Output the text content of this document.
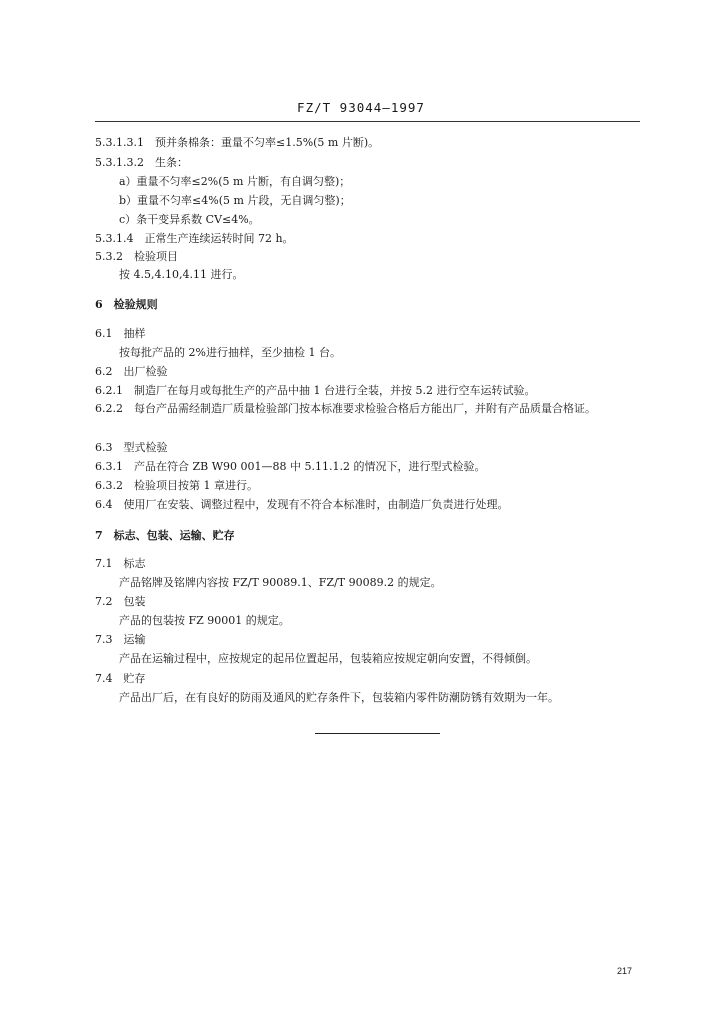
FZ/T 93044—1997
5.3.1.3.1　预并条棉条：重量不匀率≤1.5%(5 m 片断)。
5.3.1.3.2　生条：
a）重量不匀率≤2%(5 m 片断，有自调匀整)；
b）重量不匀率≤4%(5 m 片段，无自调匀整)；
c）条干变异系数 CV≤4%。
5.3.1.4　正常生产连续运转时间 72 h。
5.3.2　检验项目
按 4.5,4.10,4.11 进行。
6　检验规则
6.1　抽样
按每批产品的 2%进行抽样，至少抽检 1 台。
6.2　出厂检验
6.2.1　制造厂在每月或每批生产的产品中抽 1 台进行全装，并按 5.2 进行空车运转试验。
6.2.2　每台产品需经制造厂质量检验部门按本标准要求检验合格后方能出厂，并附有产品质量合格证。
6.3　型式检验
6.3.1　产品在符合 ZB W90 001—88 中 5.11.1.2 的情况下，进行型式检验。
6.3.2　检验项目按第 1 章进行。
6.4　使用厂在安装、调整过程中，发现有不符合本标准时，由制造厂负责进行处理。
7　标志、包装、运输、贮存
7.1　标志
产品铭牌及铭牌内容按 FZ/T 90089.1、FZ/T 90089.2 的规定。
7.2　包装
产品的包装按 FZ 90001 的规定。
7.3　运输
产品在运输过程中，应按规定的起吊位置起吊，包装箱应按规定朝向安置，不得倾倒。
7.4　贮存
产品出厂后，在有良好的防雨及通风的贮存条件下，包装箱内零件防潮防锈有效期为一年。
217
